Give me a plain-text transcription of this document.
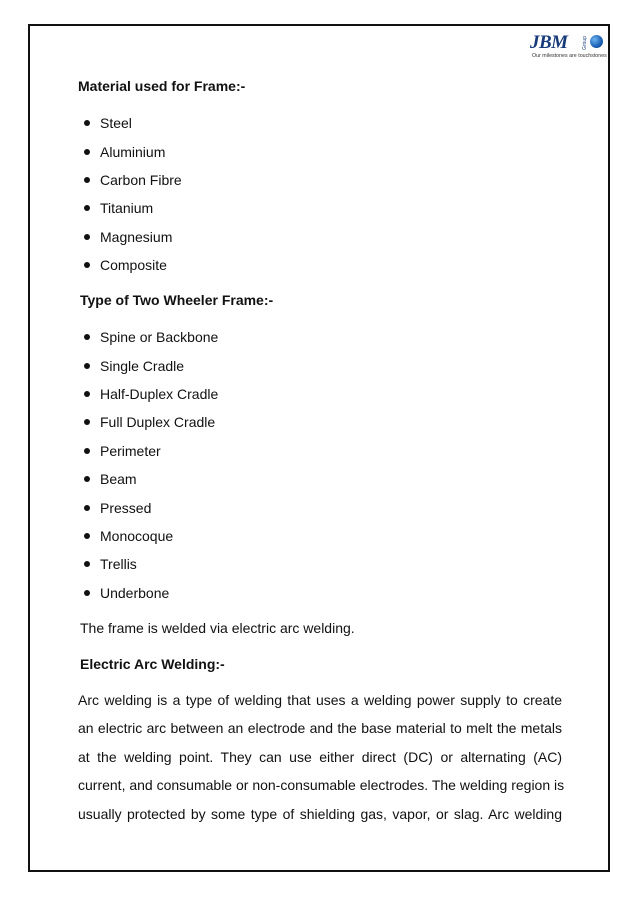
JBM	Group
Our milestones are touchstones
Material used for Frame:-
Steel
Aluminium
Carbon Fibre
Titanium
Magnesium
Composite
Type of Two Wheeler Frame:-
Spine or Backbone
Single Cradle
Half-Duplex Cradle
Full Duplex Cradle
Perimeter
Beam
Pressed
Monocoque
Trellis
Underbone
The frame is welded via electric arc welding.
Electric Arc Welding:-
Arc welding is a type of welding that uses a welding power supply to create
an electric arc between an electrode and the base material to melt the metals
at the welding point. They can use either direct (DC) or alternating (AC)
current, and consumable or non-consumable electrodes. The welding region is
usually protected by some type of shielding gas, vapor, or slag. Arc welding
